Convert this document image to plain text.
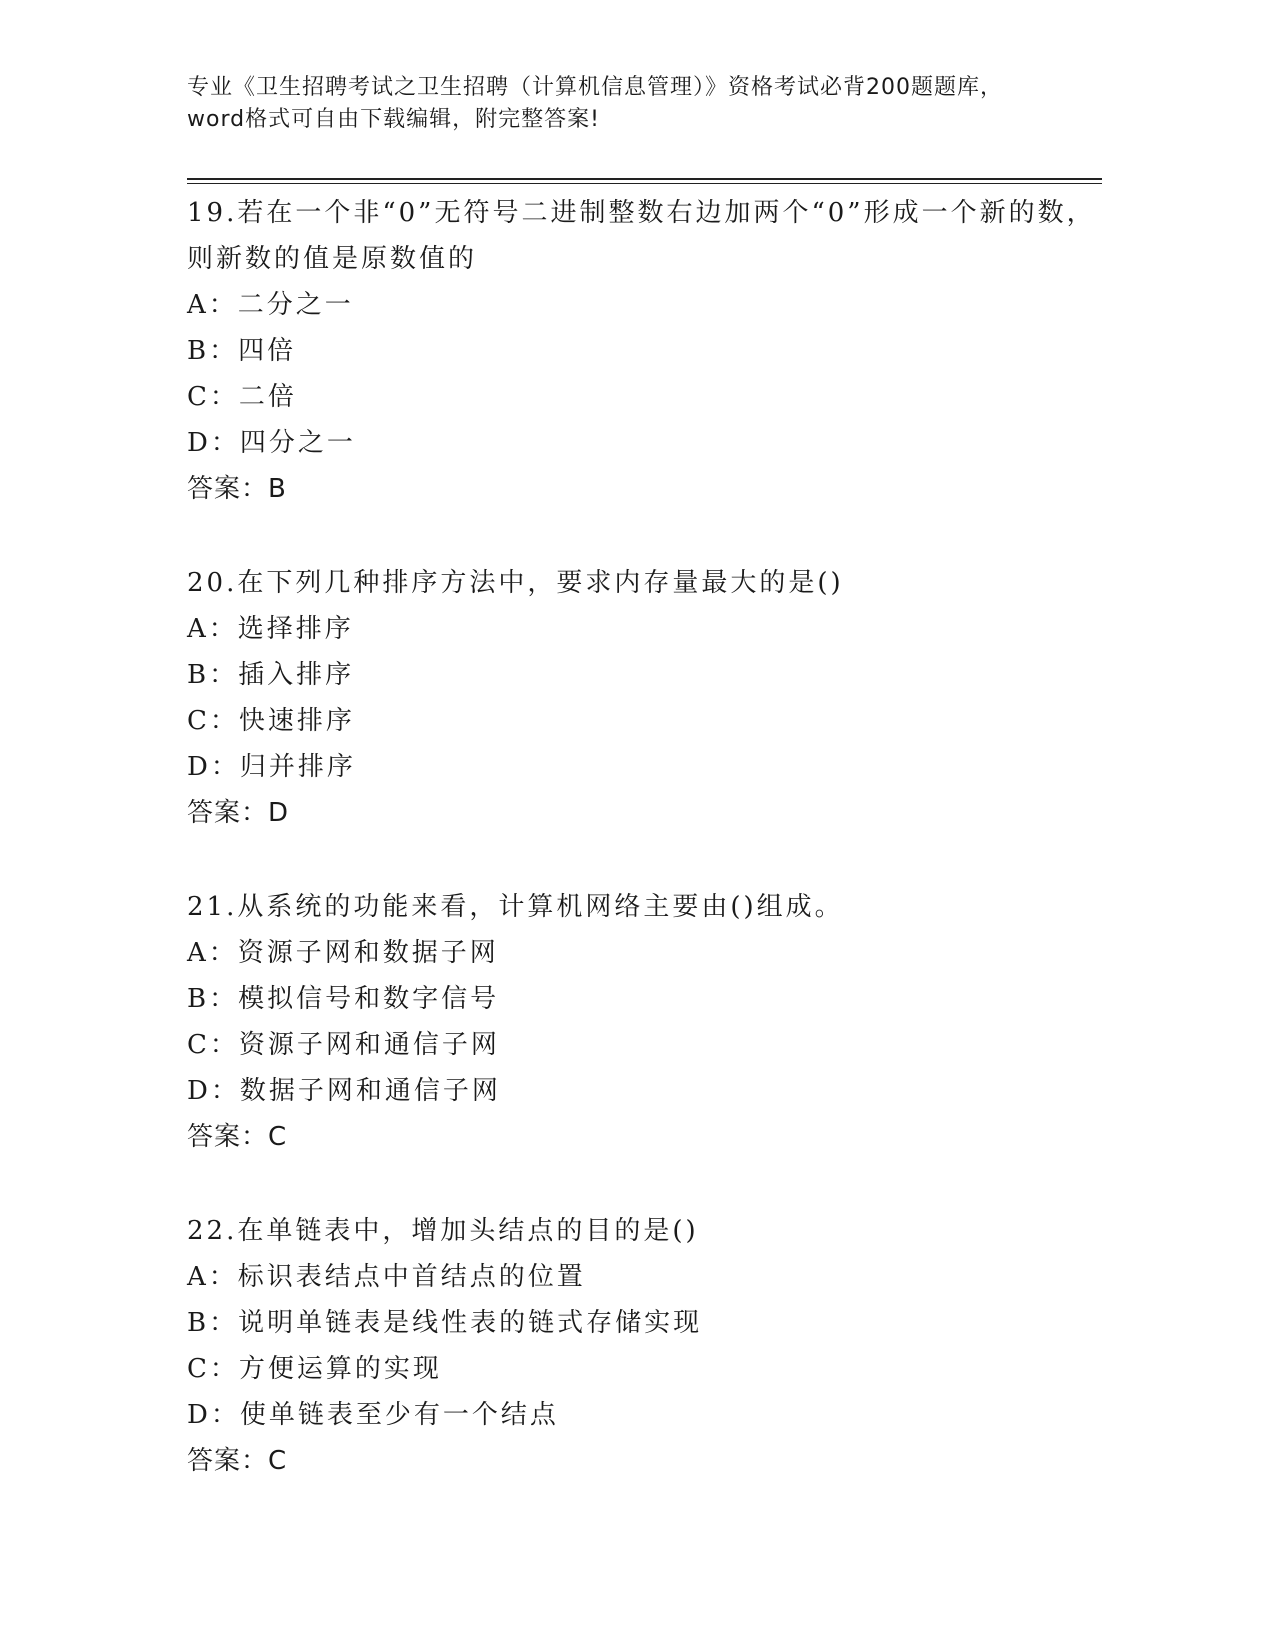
专业《卫生招聘考试之卫生招聘（计算机信息管理）》资格考试必背200题题库，

word格式可自由下载编辑，附完整答案!

19.若在一个非“0”无符号二进制整数右边加两个“0”形成一个新的数，则新数的值是原数值的

A：二分之一

B：四倍

C：二倍

D：四分之一

答案：B

20.在下列几种排序方法中，要求内存量最大的是()

A：选择排序

B：插入排序

C：快速排序

D：归并排序

答案：D

21.从系统的功能来看，计算机网络主要由()组成。

A：资源子网和数据子网

B：模拟信号和数字信号

C：资源子网和通信子网

D：数据子网和通信子网

答案：C

22.在单链表中，增加头结点的目的是()

A：标识表结点中首结点的位置

B：说明单链表是线性表的链式存储实现

C：方便运算的实现

D：使单链表至少有一个结点

答案：C
